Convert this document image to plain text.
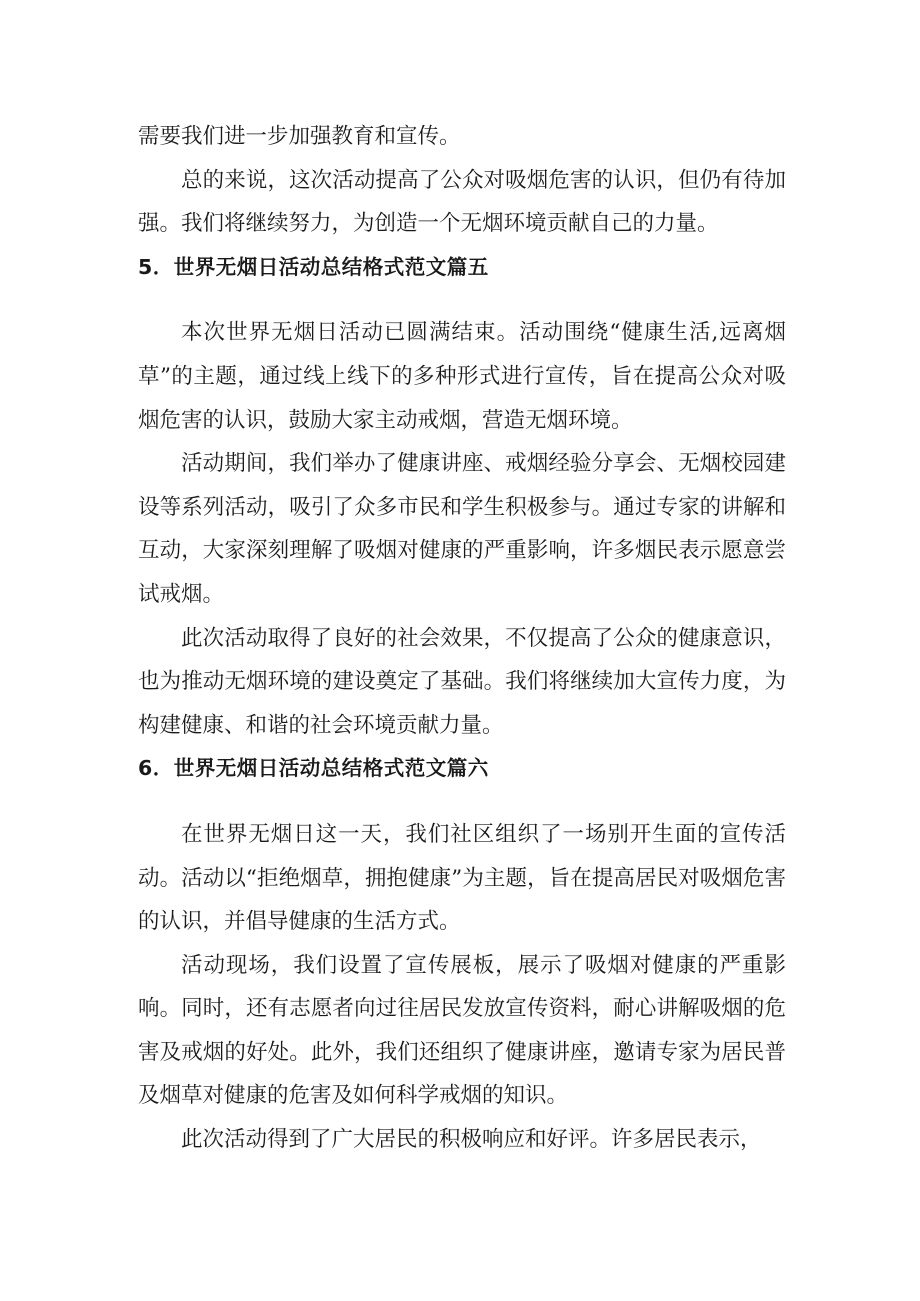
需要我们进一步加强教育和宣传。

总的来说，这次活动提高了公众对吸烟危害的认识，但仍有待加强。我们将继续努力，为创造一个无烟环境贡献自己的力量。

5．世界无烟日活动总结格式范文篇五

本次世界无烟日活动已圆满结束。活动围绕“健康生活,远离烟草”的主题，通过线上线下的多种形式进行宣传，旨在提高公众对吸烟危害的认识，鼓励大家主动戒烟，营造无烟环境。

活动期间，我们举办了健康讲座、戒烟经验分享会、无烟校园建设等系列活动，吸引了众多市民和学生积极参与。通过专家的讲解和互动，大家深刻理解了吸烟对健康的严重影响，许多烟民表示愿意尝试戒烟。

此次活动取得了良好的社会效果，不仅提高了公众的健康意识，也为推动无烟环境的建设奠定了基础。我们将继续加大宣传力度，为构建健康、和谐的社会环境贡献力量。

6．世界无烟日活动总结格式范文篇六

在世界无烟日这一天，我们社区组织了一场别开生面的宣传活动。活动以“拒绝烟草，拥抱健康”为主题，旨在提高居民对吸烟危害的认识，并倡导健康的生活方式。

活动现场，我们设置了宣传展板，展示了吸烟对健康的严重影响。同时，还有志愿者向过往居民发放宣传资料，耐心讲解吸烟的危害及戒烟的好处。此外，我们还组织了健康讲座，邀请专家为居民普及烟草对健康的危害及如何科学戒烟的知识。

此次活动得到了广大居民的积极响应和好评。许多居民表示，
